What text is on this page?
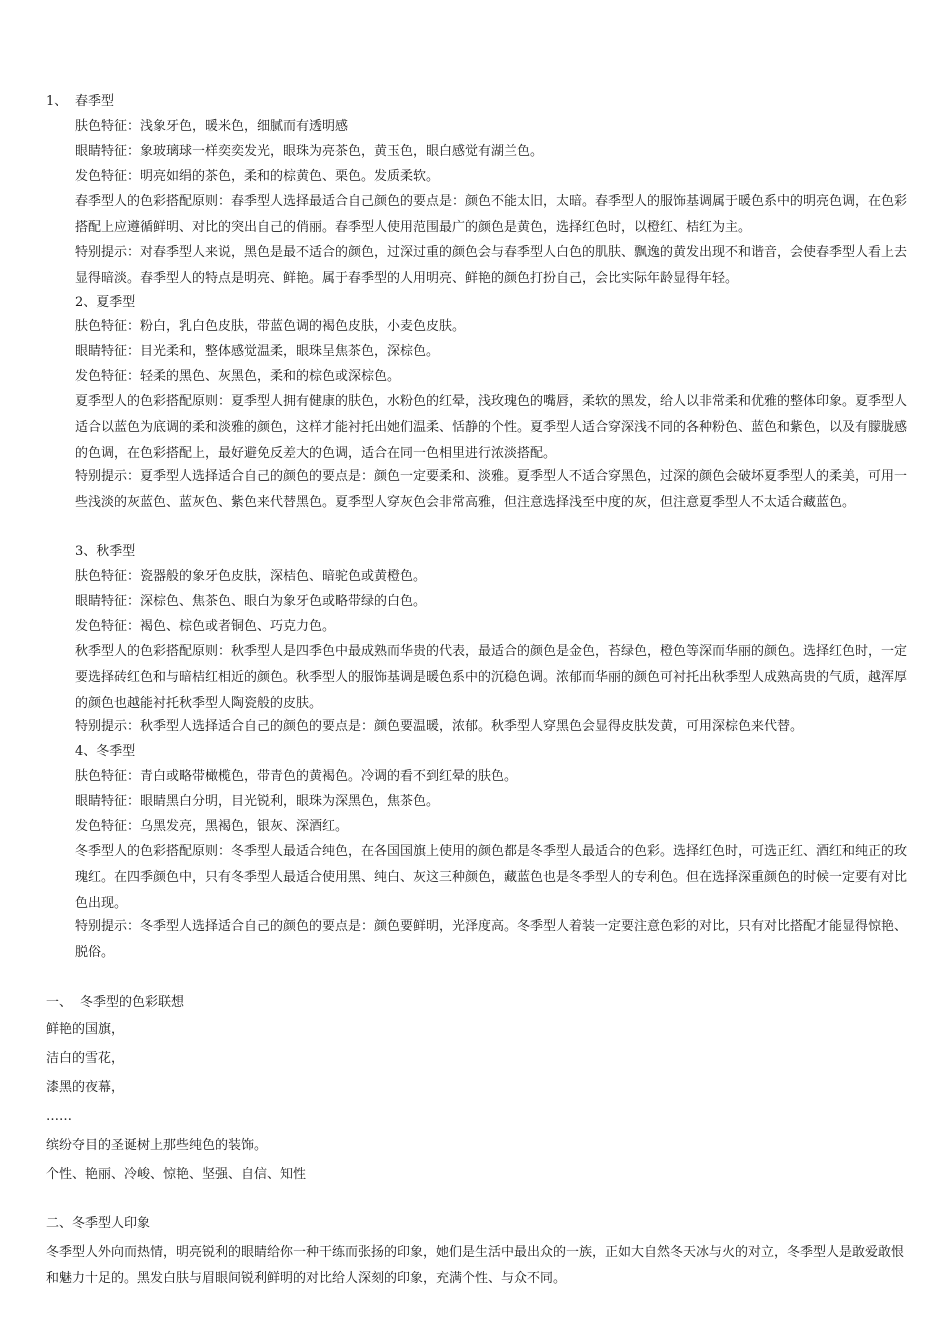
1、 春季型

肤色特征：浅象牙色，暖米色，细腻而有透明感

眼睛特征：象玻璃球一样奕奕发光，眼珠为亮茶色，黄玉色，眼白感觉有湖兰色。

发色特征：明亮如绢的茶色，柔和的棕黄色、栗色。发质柔软。

春季型人的色彩搭配原则：春季型人选择最适合自己颜色的要点是：颜色不能太旧，太暗。春季型人的服饰基调属于暖色系中的明亮色调，在色彩搭配上应遵循鲜明、对比的突出自己的俏丽。春季型人使用范围最广的颜色是黄色，选择红色时，以橙红、桔红为主。

特别提示：对春季型人来说，黑色是最不适合的颜色，过深过重的颜色会与春季型人白色的肌肤、飘逸的黄发出现不和谐音，会使春季型人看上去显得暗淡。春季型人的特点是明亮、鲜艳。属于春季型的人用明亮、鲜艳的颜色打扮自己，会比实际年龄显得年轻。

2、夏季型

肤色特征：粉白，乳白色皮肤，带蓝色调的褐色皮肤，小麦色皮肤。

眼睛特征：目光柔和，整体感觉温柔，眼珠呈焦茶色，深棕色。

发色特征：轻柔的黑色、灰黑色，柔和的棕色或深棕色。

夏季型人的色彩搭配原则：夏季型人拥有健康的肤色，水粉色的红晕，浅玫瑰色的嘴唇，柔软的黑发，给人以非常柔和优雅的整体印象。夏季型人适合以蓝色为底调的柔和淡雅的颜色，这样才能衬托出她们温柔、恬静的个性。夏季型人适合穿深浅不同的各种粉色、蓝色和紫色，以及有朦胧感的色调，在色彩搭配上，最好避免反差大的色调，适合在同一色相里进行浓淡搭配。

特别提示：夏季型人选择适合自己的颜色的要点是：颜色一定要柔和、淡雅。夏季型人不适合穿黑色，过深的颜色会破坏夏季型人的柔美，可用一些浅淡的灰蓝色、蓝灰色、紫色来代替黑色。夏季型人穿灰色会非常高雅，但注意选择浅至中度的灰，但注意夏季型人不太适合藏蓝色。

3、秋季型

肤色特征：瓷器般的象牙色皮肤，深桔色、暗驼色或黄橙色。

眼睛特征：深棕色、焦茶色、眼白为象牙色或略带绿的白色。

发色特征：褐色、棕色或者铜色、巧克力色。

秋季型人的色彩搭配原则：秋季型人是四季色中最成熟而华贵的代表，最适合的颜色是金色，苔绿色，橙色等深而华丽的颜色。选择红色时，一定要选择砖红色和与暗桔红相近的颜色。秋季型人的服饰基调是暖色系中的沉稳色调。浓郁而华丽的颜色可衬托出秋季型人成熟高贵的气质，越浑厚的颜色也越能衬托秋季型人陶瓷般的皮肤。

特别提示：秋季型人选择适合自己的颜色的要点是：颜色要温暖，浓郁。秋季型人穿黑色会显得皮肤发黄，可用深棕色来代替。

4、冬季型

肤色特征：青白或略带橄榄色，带青色的黄褐色。冷调的看不到红晕的肤色。

眼睛特征：眼睛黑白分明，目光锐利，眼珠为深黑色，焦茶色。

发色特征：乌黑发亮，黑褐色，银灰、深酒红。

冬季型人的色彩搭配原则：冬季型人最适合纯色，在各国国旗上使用的颜色都是冬季型人最适合的色彩。选择红色时，可选正红、酒红和纯正的玫瑰红。在四季颜色中，只有冬季型人最适合使用黑、纯白、灰这三种颜色，藏蓝色也是冬季型人的专利色。但在选择深重颜色的时候一定要有对比色出现。

特别提示：冬季型人选择适合自己的颜色的要点是：颜色要鲜明，光泽度高。冬季型人着装一定要注意色彩的对比，只有对比搭配才能显得惊艳、脱俗。

一、 冬季型的色彩联想

鲜艳的国旗，

洁白的雪花，

漆黑的夜幕，

……

缤纷夺目的圣诞树上那些纯色的装饰。

个性、艳丽、冷峻、惊艳、坚强、自信、知性

二、冬季型人印象

冬季型人外向而热情，明亮锐利的眼睛给你一种干练而张扬的印象，她们是生活中最出众的一族，正如大自然冬天冰与火的对立，冬季型人是敢爱敢恨和魅力十足的。黑发白肤与眉眼间锐利鲜明的对比给人深刻的印象，充满个性、与众不同。
